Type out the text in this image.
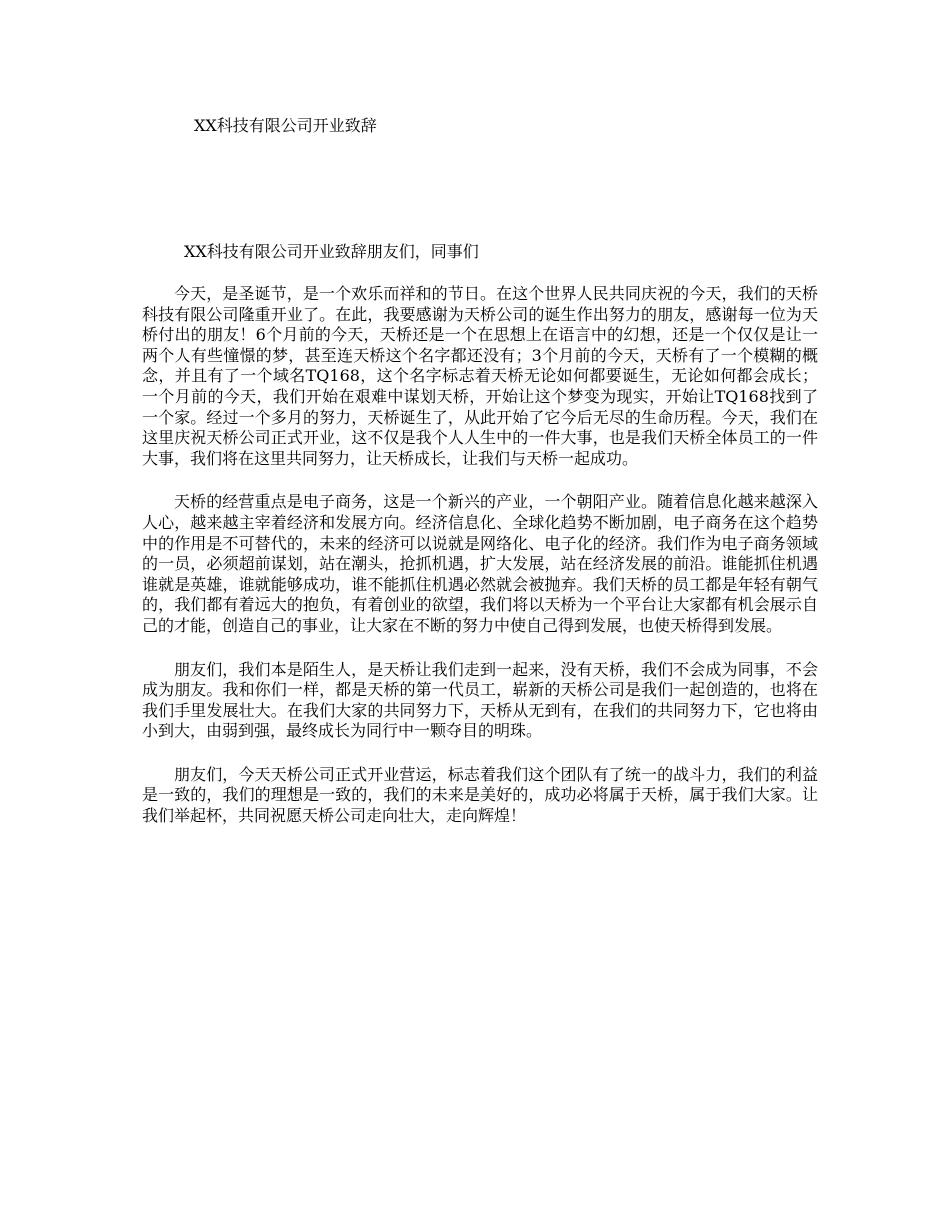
XX科技有限公司开业致辞
XX科技有限公司开业致辞朋友们，同事们

今天，是圣诞节，是一个欢乐而祥和的节日。在这个世界人民共同庆祝的今天，我们的天桥科技有限公司隆重开业了。在此，我要感谢为天桥公司的诞生作出努力的朋友，感谢每一位为天桥付出的朋友！6个月前的今天，天桥还是一个在思想上在语言中的幻想，还是一个仅仅是让一两个人有些憧憬的梦，甚至连天桥这个名字都还没有；3个月前的今天，天桥有了一个模糊的概念，并且有了一个域名TQ168，这个名字标志着天桥无论如何都要诞生，无论如何都会成长；一个月前的今天，我们开始在艰难中谋划天桥，开始让这个梦变为现实，开始让TQ168找到了一个家。经过一个多月的努力，天桥诞生了，从此开始了它今后无尽的生命历程。今天，我们在这里庆祝天桥公司正式开业，这不仅是我个人人生中的一件大事，也是我们天桥全体员工的一件大事，我们将在这里共同努力，让天桥成长，让我们与天桥一起成功。

天桥的经营重点是电子商务，这是一个新兴的产业，一个朝阳产业。随着信息化越来越深入人心，越来越主宰着经济和发展方向。经济信息化、全球化趋势不断加剧，电子商务在这个趋势中的作用是不可替代的，未来的经济可以说就是网络化、电子化的经济。我们作为电子商务领域的一员，必须超前谋划，站在潮头，抢抓机遇，扩大发展，站在经济发展的前沿。谁能抓住机遇谁就是英雄，谁就能够成功，谁不能抓住机遇必然就会被抛弃。我们天桥的员工都是年轻有朝气的，我们都有着远大的抱负，有着创业的欲望，我们将以天桥为一个平台让大家都有机会展示自己的才能，创造自己的事业，让大家在不断的努力中使自己得到发展，也使天桥得到发展。

朋友们，我们本是陌生人，是天桥让我们走到一起来，没有天桥，我们不会成为同事，不会成为朋友。我和你们一样，都是天桥的第一代员工，崭新的天桥公司是我们一起创造的，也将在我们手里发展壮大。在我们大家的共同努力下，天桥从无到有，在我们的共同努力下，它也将由小到大，由弱到强，最终成长为同行中一颗夺目的明珠。

朋友们，今天天桥公司正式开业营运，标志着我们这个团队有了统一的战斗力，我们的利益是一致的，我们的理想是一致的，我们的未来是美好的，成功必将属于天桥，属于我们大家。让我们举起杯，共同祝愿天桥公司走向壮大，走向辉煌！
